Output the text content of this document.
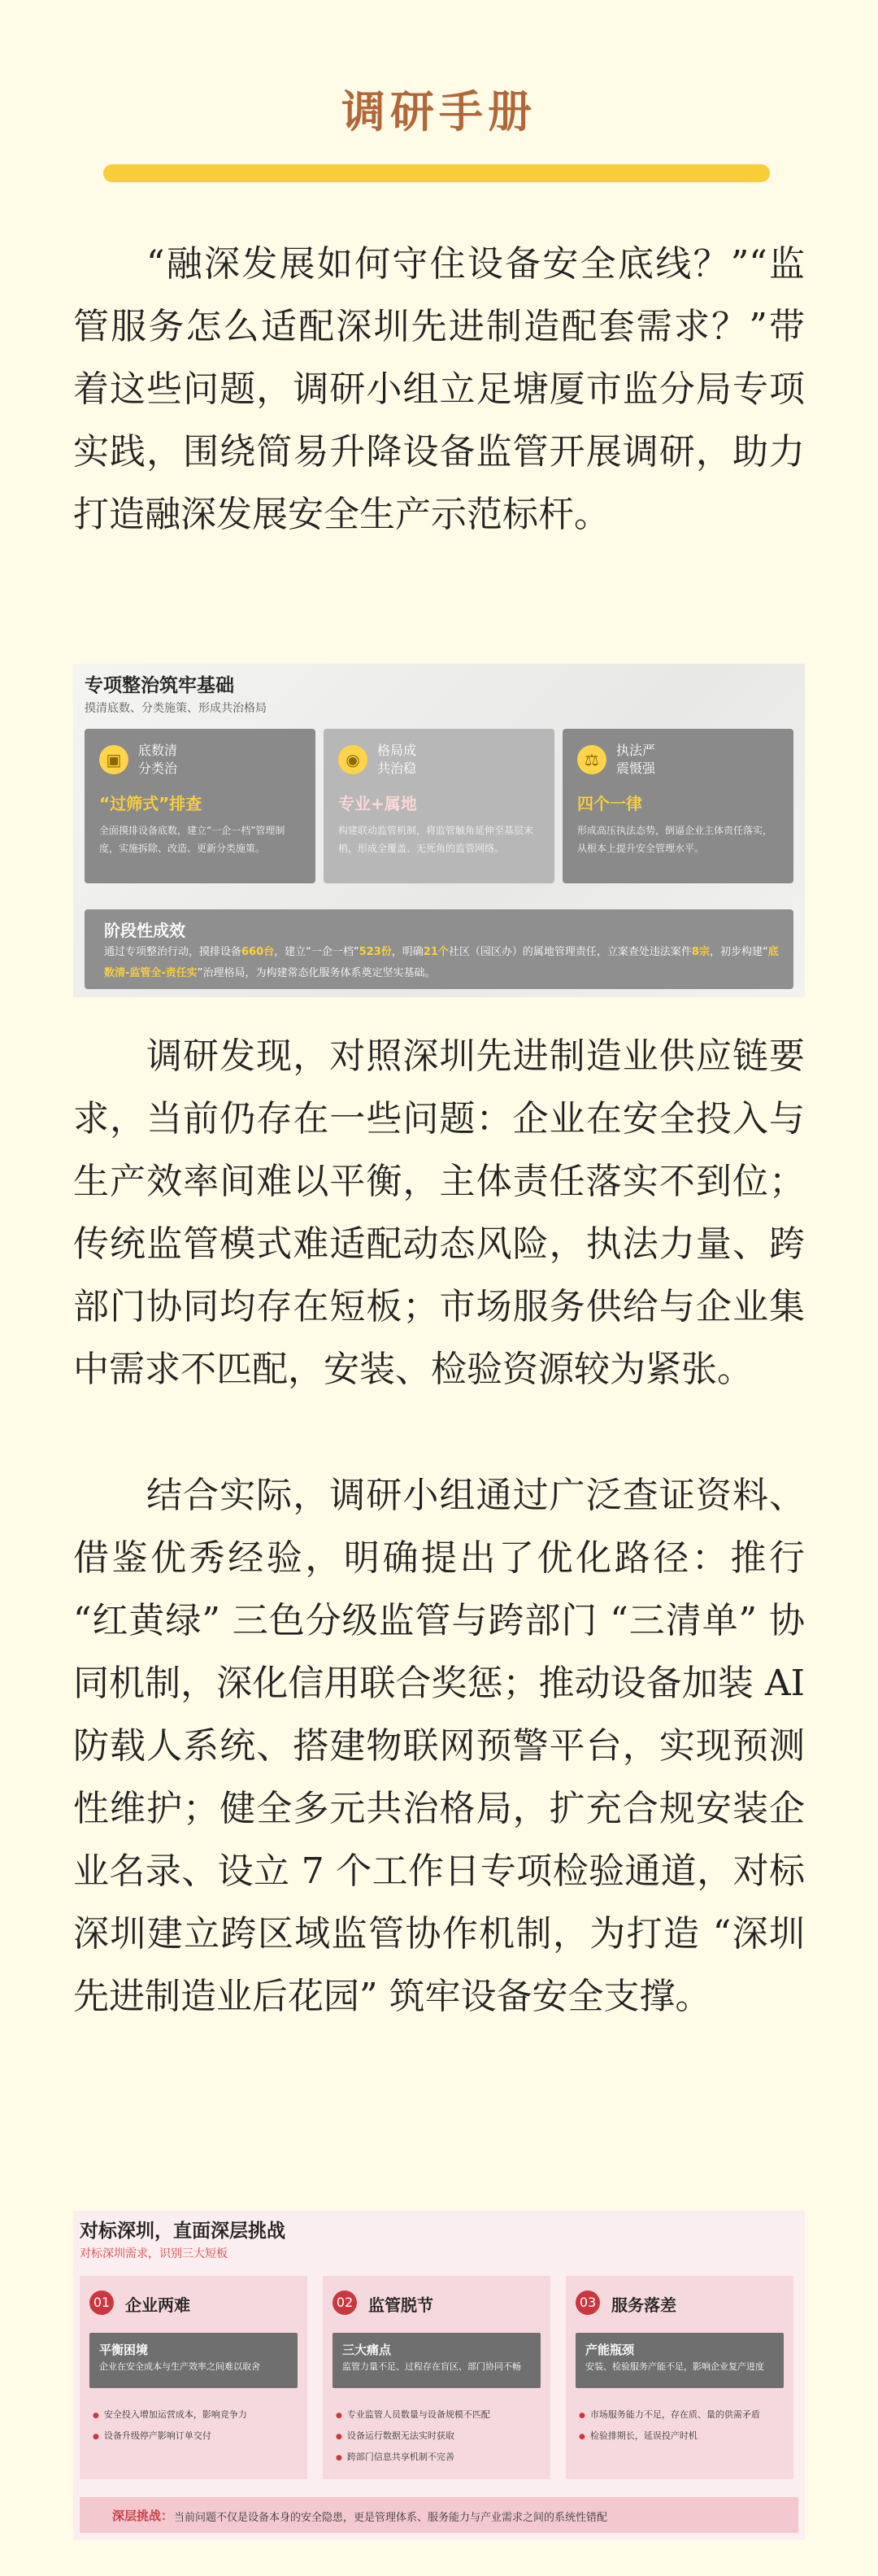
调研手册

“融深发展如何守住设备安全底线？”“监管服务怎么适配深圳先进制造配套需求？”带着这些问题，调研小组立足塘厦市监分局专项实践，围绕简易升降设备监管开展调研，助力打造融深发展安全生产示范标杆。

专项整治筑牢基础
摸清底数、分类施策、形成共治格局
▣	底数清
分类治
“过筛式”排查
全面摸排设备底数，建立“一企一档”管理制度，实施拆除、改造、更新分类施策。
◉	格局成
共治稳
专业+属地
构建联动监管机制，将监管触角延伸至基层末梢，形成全覆盖、无死角的监管网络。
⚖	执法严
震慑强
四个一律
形成高压执法态势，倒逼企业主体责任落实，从根本上提升安全管理水平。
阶段性成效
通过专项整治行动，摸排设备660台，建立“一企一档”523份，明确21个社区（园区办）的属地管理责任，立案查处违法案件8宗，初步构建“底数清-监管全-责任实”治理格局，为构建常态化服务体系奠定坚实基础。

调研发现，对照深圳先进制造业供应链要求，当前仍存在一些问题：企业在安全投入与生产效率间难以平衡，主体责任落实不到位；传统监管模式难适配动态风险，执法力量、跨部门协同均存在短板；市场服务供给与企业集中需求不匹配，安装、检验资源较为紧张。

结合实际，调研小组通过广泛查证资料、借鉴优秀经验，明确提出了优化路径：推行 “红黄绿” 三色分级监管与跨部门 “三清单” 协同机制，深化信用联合奖惩；推动设备加装 AI 防载人系统、搭建物联网预警平台，实现预测性维护；健全多元共治格局，扩充合规安装企业名录、设立 7 个工作日专项检验通道，对标深圳建立跨区域监管协作机制，为打造 “深圳先进制造业后花园” 筑牢设备安全支撑。

对标深圳，直面深层挑战
对标深圳需求，识别三大短板
01 企业两难
平衡困境
企业在安全成本与生产效率之间难以取舍
● 安全投入增加运营成本，影响竞争力
● 设备升级停产影响订单交付
02 监管脱节
三大痛点
监管力量不足、过程存在盲区、部门协同不畅
● 专业监管人员数量与设备规模不匹配
● 设备运行数据无法实时获取
● 跨部门信息共享机制不完善
03 服务落差
产能瓶颈
安装、检验服务产能不足，影响企业复产进度
● 市场服务能力不足，存在质、量的供需矛盾
● 检验排期长，延误投产时机
深层挑战： 当前问题不仅是设备本身的安全隐患，更是管理体系、服务能力与产业需求之间的系统性错配
